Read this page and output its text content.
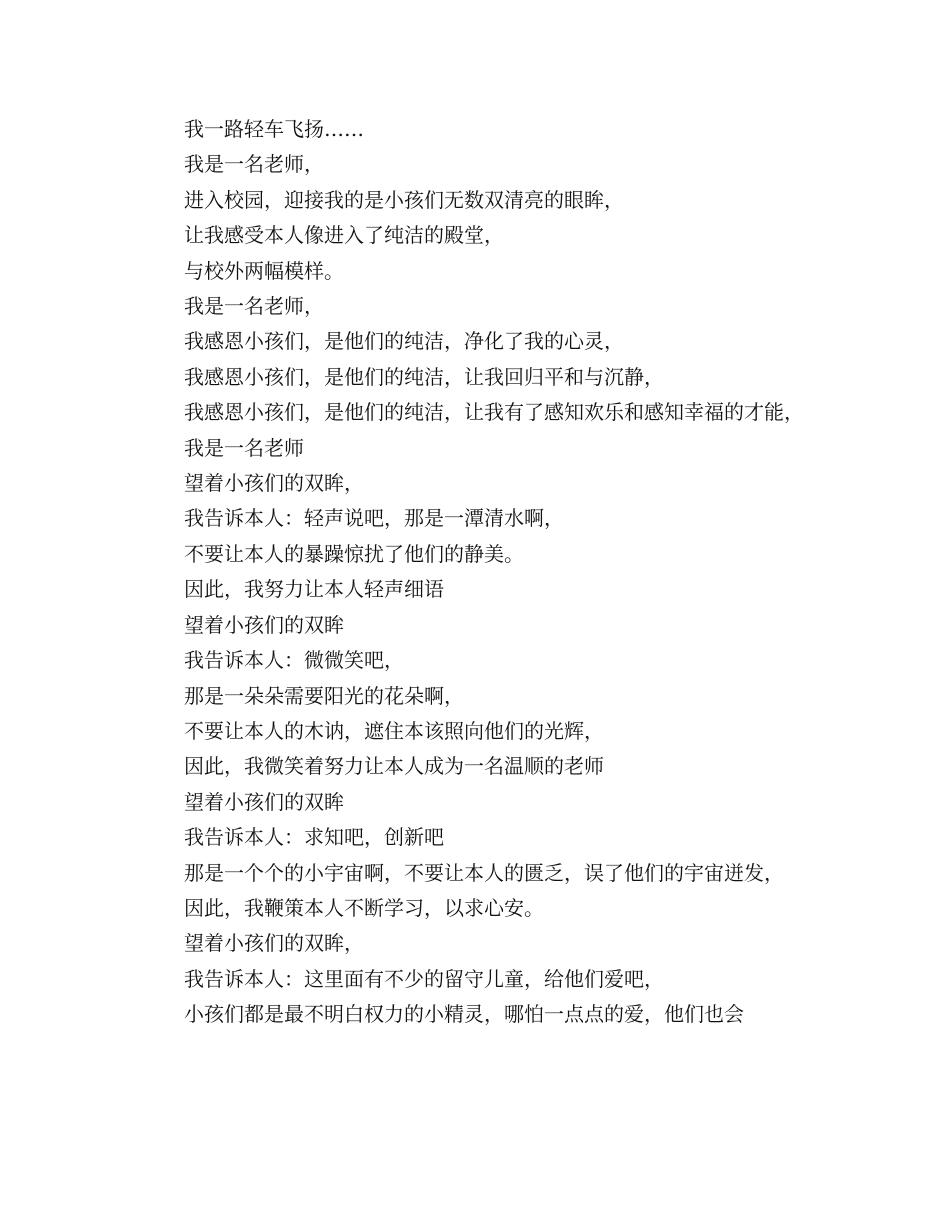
我一路轻车飞扬……

我是一名老师，

进入校园，迎接我的是小孩们无数双清亮的眼眸，

让我感受本人像进入了纯洁的殿堂，

与校外两幅模样。

我是一名老师，

我感恩小孩们，是他们的纯洁，净化了我的心灵，

我感恩小孩们，是他们的纯洁，让我回归平和与沉静，

我感恩小孩们，是他们的纯洁，让我有了感知欢乐和感知幸福的才能，

我是一名老师

望着小孩们的双眸，

我告诉本人：轻声说吧，那是一潭清水啊，

不要让本人的暴躁惊扰了他们的静美。

因此，我努力让本人轻声细语

望着小孩们的双眸

我告诉本人：微微笑吧，

那是一朵朵需要阳光的花朵啊，

不要让本人的木讷，遮住本该照向他们的光辉，

因此，我微笑着努力让本人成为一名温顺的老师

望着小孩们的双眸

我告诉本人：求知吧，创新吧

那是一个个的小宇宙啊，不要让本人的匮乏，误了他们的宇宙迸发，

因此，我鞭策本人不断学习，以求心安。

望着小孩们的双眸，

我告诉本人：这里面有不少的留守儿童，给他们爱吧，

小孩们都是最不明白权力的小精灵，哪怕一点点的爱，他们也会
